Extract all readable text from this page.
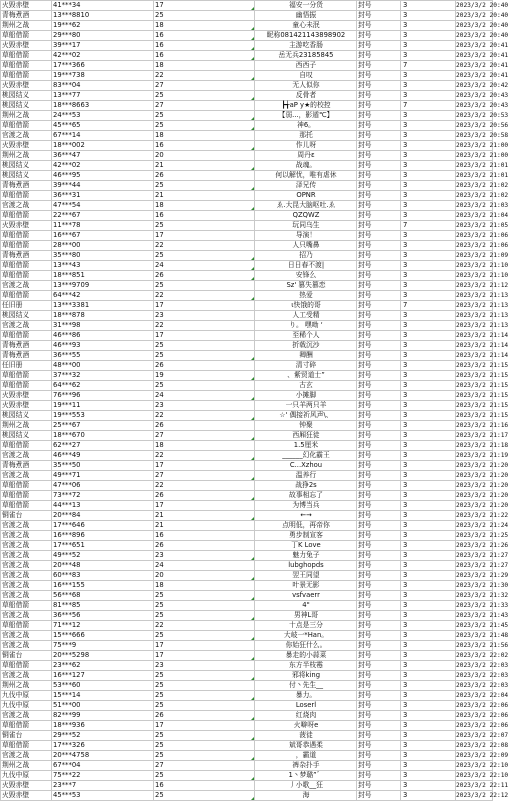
火毁赤壁	41***34	17	福安一分货	封号	3	2023/3/2 20:40
青梅煮酒	13***8810	25	幽悟振	封号	3	2023/3/2 20:40
荆州之战	19***62	18	童心未泯	封号	3	2023/3/2 20:40
草船借箭	29***80	16	昵称081421143898902	封号	3	2023/3/2 20:40
火毁赤壁	39***17	16	主游吃香肠	封号	3	2023/3/2 20:41
草船借箭	42***02	16	岳无兵23185845	封号	3	2023/3/2 20:41
草船借箭	17***366	18	西西子	封号	7	2023/3/2 20:41
草船借箭	19***738	22	自叹	封号	3	2023/3/2 20:41
火毁赤壁	83***04	27	无人似你	封号	3	2023/3/2 20:42
桃园结义	13***77	25	反骨者	封号	3	2023/3/2 20:43
桃园结义	18***8663	27	┣╅aP y★的校控	封号	7	2023/3/2 20:43
荆州之战	24***53	25	【弱...，影遁℃】	封号	3	2023/3/2 20:53
草船借箭	45***65	25	神6。	封号	3	2023/3/2 20:56
官渡之战	67***14	18	那托	封号	3	2023/3/2 20:58
火毁赤壁	18***002	16	作儿呀	封号	3	2023/3/2 21:00
荆州之战	36***47	20	周丹ε	封号	3	2023/3/2 21:00
桃园结义	42***02	21	战魂。	封号	3	2023/3/2 21:01
桃园结义	46***95	26	何以解忧，唯有虐休	封号	3	2023/3/2 21:01
青梅煮酒	39***44	25	泽兄传	封号	3	2023/3/2 21:02
草船借箭	36***31	21	OPNR	封号	3	2023/3/2 21:02
官渡之战	47***54	18	ゑ.大昆大脑呕吐.ゑ	封号	3	2023/3/2 21:03
草船借箭	22***67	16	QZQWZ	封号	3	2023/3/2 21:04
火毁赤壁	11***78	25	玩同乌生	封号	7	2023/3/2 21:05
草船借箭	16***67	17	导演！	封号	3	2023/3/2 21:06
草船借箭	28***00	22	人只嘴鼻	封号	3	2023/3/2 21:06
青梅煮酒	35***80	25	招乃	封号	3	2023/3/2 21:09
草船借箭	13***43	24	日日春不渡|	封号	3	2023/3/2 21:10
草船借箭	18***851	26	安锋么	封号	3	2023/3/2 21:10
官渡之战	13***9709	25	Sz' 篡失篡恋	封号	3	2023/3/2 21:12
草船借箭	64***42	22	热爱	封号	3	2023/3/2 21:13
任旧册	13***3381	17	ι快饿的哥	封号	7	2023/3/2 21:13
桃园结义	18***878	23	人工受精	封号	3	2023/3/2 21:13
官渡之战	31***98	22	り。 嘿呦 ‘	封号	3	2023/3/2 21:13
草船借箭	46***86	17	至稀个人	封号	3	2023/3/2 21:14
青梅煮酒	46***93	25	折戟沉沙	封号	3	2023/3/2 21:14
青梅煮酒	36***55	25	卿酬	封号	3	2023/3/2 21:14
任旧册	48***00	26	清寸碎	封号	3	2023/3/2 21:15
草船借箭	37***32	19	、紫贸道士”	封号	3	2023/3/2 21:15
草船借箭	64***62	25	古玄	封号	3	2023/3/2 21:15
火毁赤壁	76***96	24	小摊脚	封号	3	2023/3/2 21:15
火毁赤壁	19***11	23	一只羊两只羊	封号	3	2023/3/2 21:15
桃园结义	19***553	22	☆' 偶接祈风声\、	封号	3	2023/3/2 21:15
荆州之战	25***67	26	钟聚	封号	3	2023/3/2 21:16
桃园结义	18***670	27	西厢狂徒	封号	3	2023/3/2 21:17
草船借箭	62***27	18	1.5厘米	封号	3	2023/3/2 21:18
官渡之战	46***49	22	______幻化霸王	封号	3	2023/3/2 21:19
青梅煮酒	35***50	17	C...Xzhou	封号	3	2023/3/2 21:20
官渡之战	49***71	27	温养行	封号	3	2023/3/2 21:20
草船借箭	47***06	22	战狰2s	封号	3	2023/3/2 21:20
草船借箭	73***72	26	故事相忘了	封号	3	2023/3/2 21:20
草船借箭	44***13	17	为博当兵	封号	3	2023/3/2 21:20
铜雀台	20***84	21	←→	封号	3	2023/3/2 21:22
官渡之战	17***646	21	点明低，再帝你	封号	3	2023/3/2 21:24
官渡之战	16***896	16	勇步制宣客	封号	3	2023/3/2 21:25
官渡之战	17***651	26	丁K Love	封号	3	2023/3/2 21:26
官渡之战	49***52	23	魅力兔子	封号	3	2023/3/2 21:27
官渡之战	20***48	24	lubghopds	封号	3	2023/3/2 21:27
官渡之战	60***83	20	翌王同望	封号	3	2023/3/2 21:29
官渡之战	16***155	18	叶景无影	封号	3	2023/3/2 21:30
官渡之战	56***68	25	vsfvaerr	封号	3	2023/3/2 21:32
草船借箭	81***85	25	4"	封号	3	2023/3/2 21:33
官渡之战	36***56	25	男神L哥	封号	3	2023/3/2 21:43
草船借箭	71***12	22	十点是三分	封号	3	2023/3/2 21:45
官渡之战	15***666	25	大岐一*Han。	封号	3	2023/3/2 21:48
官渡之战	75***9	17	你始狂什么。	封号	3	2023/3/2 21:56
铜雀台	20***5298	17	暴走的小蒜菜	封号	3	2023/3/2 22:02
草船借箭	23***62	23	东方半枝霉	封号	3	2023/3/2 22:03
官渡之战	16***127	25	邪将king	封号	3	2023/3/2 22:03
荆州之战	53***60	25	付丶先生__	封号	3	2023/3/2 22:03
九伐中原	15***14	25	暴力。	封号	3	2023/3/2 22:04
九伐中原	51***00	25	Loserl	封号	3	2023/3/2 22:06
官渡之战	82***99	26	红烧肉	封号	3	2023/3/2 22:06
草船借箭	18***936	17	火噼呀e	封号	3	2023/3/2 22:06
铜雀台	29***52	25	菠徒	封号	3	2023/3/2 22:07
草船借箭	17***326	25	斌哥恭遇柔	封号	3	2023/3/2 22:08
官渡之战	20***4758	25	，霸道	封号	3	2023/3/2 22:09
荆州之战	67***04	27	裤杂扑手	封号	3	2023/3/2 22:10
九伐中原	75***22	25	1丶梦璐”゛	封号	3	2023/3/2 22:10
火毁赤壁	23***7	16	丿小歌__狂	封号	3	2023/3/2 22:11
火毁赤壁	45***53	25	海	封号	3	2023/3/2 22:12
